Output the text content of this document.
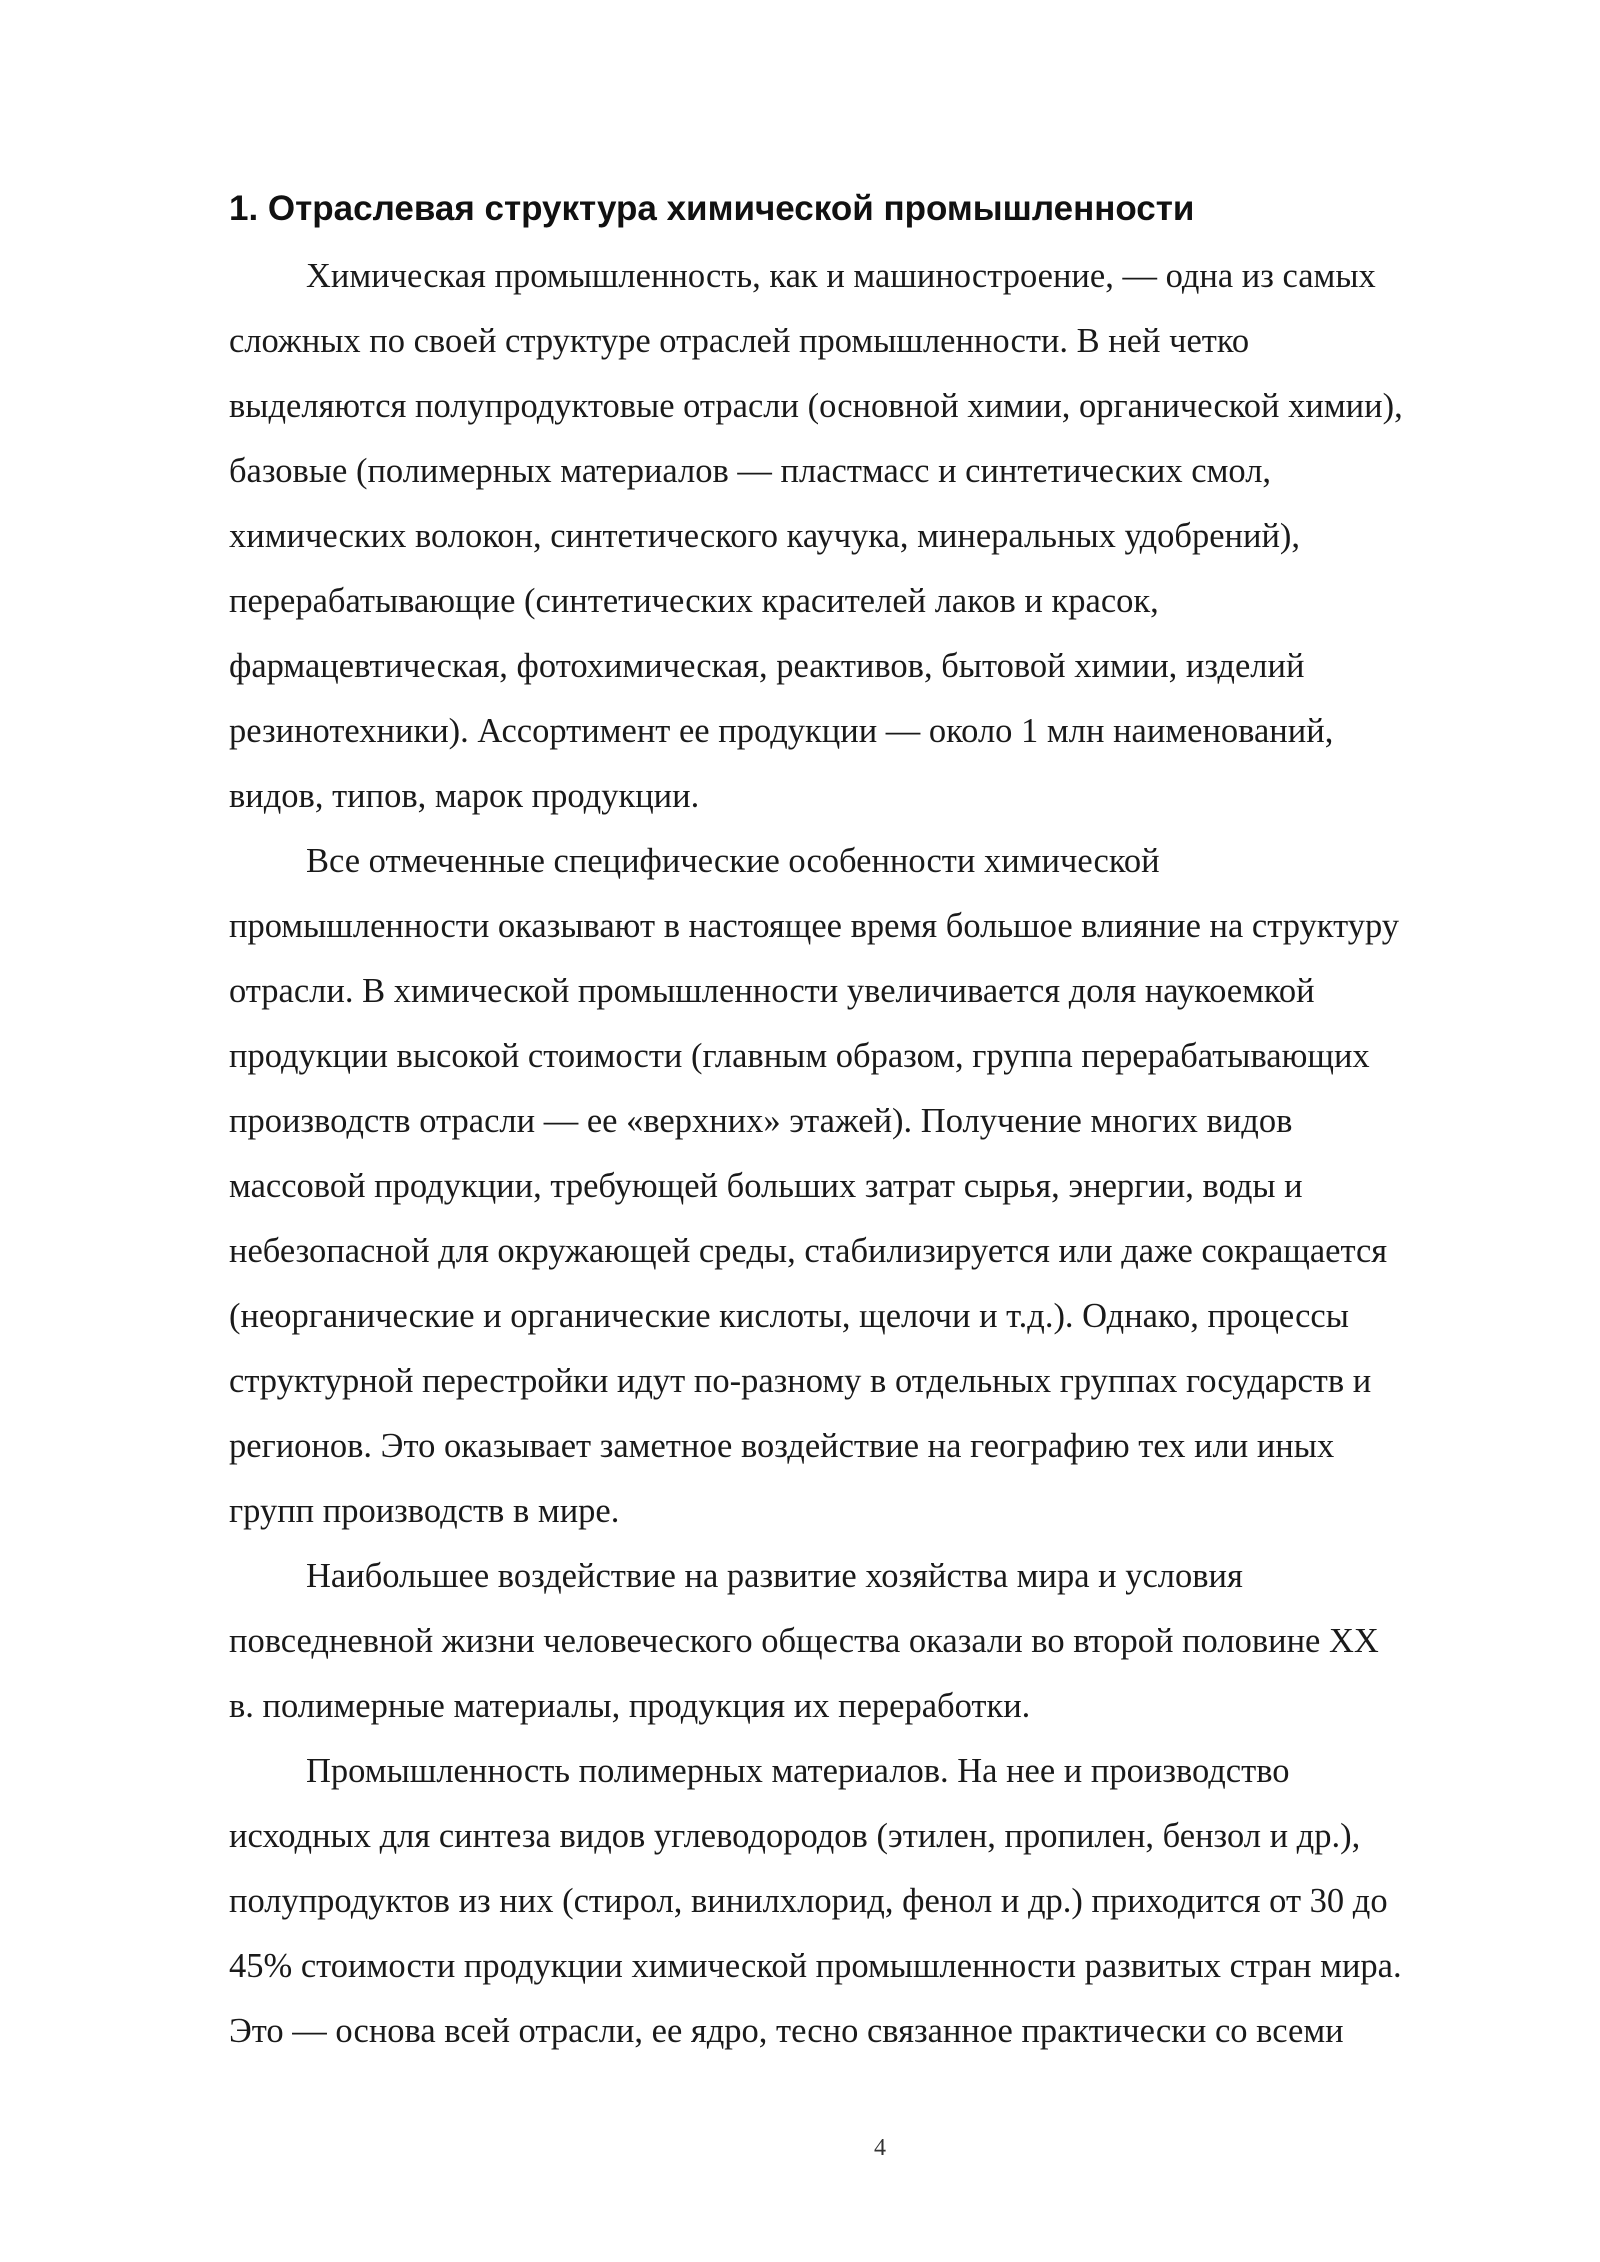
1. Отраслевая структура химической промышленности

Химическая промышленность, как и машиностроение, — одна из самых
сложных по своей структуре отраслей промышленности. В ней четко
выделяются полупродуктовые отрасли (основной химии, органической химии),
базовые (полимерных материалов — пластмасс и синтетических смол,
химических волокон, синтетического каучука, минеральных удобрений),
перерабатывающие (синтетических красителей лаков и красок,
фармацевтическая, фотохимическая, реактивов, бытовой химии, изделий
резинотехники). Ассортимент ее продукции — около 1 млн наименований,
видов, типов, марок продукции.

Все отмеченные специфические особенности химической
промышленности оказывают в настоящее время большое влияние на структуру
отрасли. В химической промышленности увеличивается доля наукоемкой
продукции высокой стоимости (главным образом, группа перерабатывающих
производств отрасли — ее «верхних» этажей). Получение многих видов
массовой продукции, требующей больших затрат сырья, энергии, воды и
небезопасной для окружающей среды, стабилизируется или даже сокращается
(неорганические и органические кислоты, щелочи и т.д.). Однако, процессы
структурной перестройки идут по-разному в отдельных группах государств и
регионов. Это оказывает заметное воздействие на географию тех или иных
групп производств в мире.

Наибольшее воздействие на развитие хозяйства мира и условия
повседневной жизни человеческого общества оказали во второй половине XX
в. полимерные материалы, продукция их переработки.

Промышленность полимерных материалов. На нее и производство
исходных для синтеза видов углеводородов (этилен, пропилен, бензол и др.),
полупродуктов из них (стирол, винилхлорид, фенол и др.) приходится от 30 до
45% стоимости продукции химической промышленности развитых стран мира.
Это — основа всей отрасли, ее ядро, тесно связанное практически со всеми

4
